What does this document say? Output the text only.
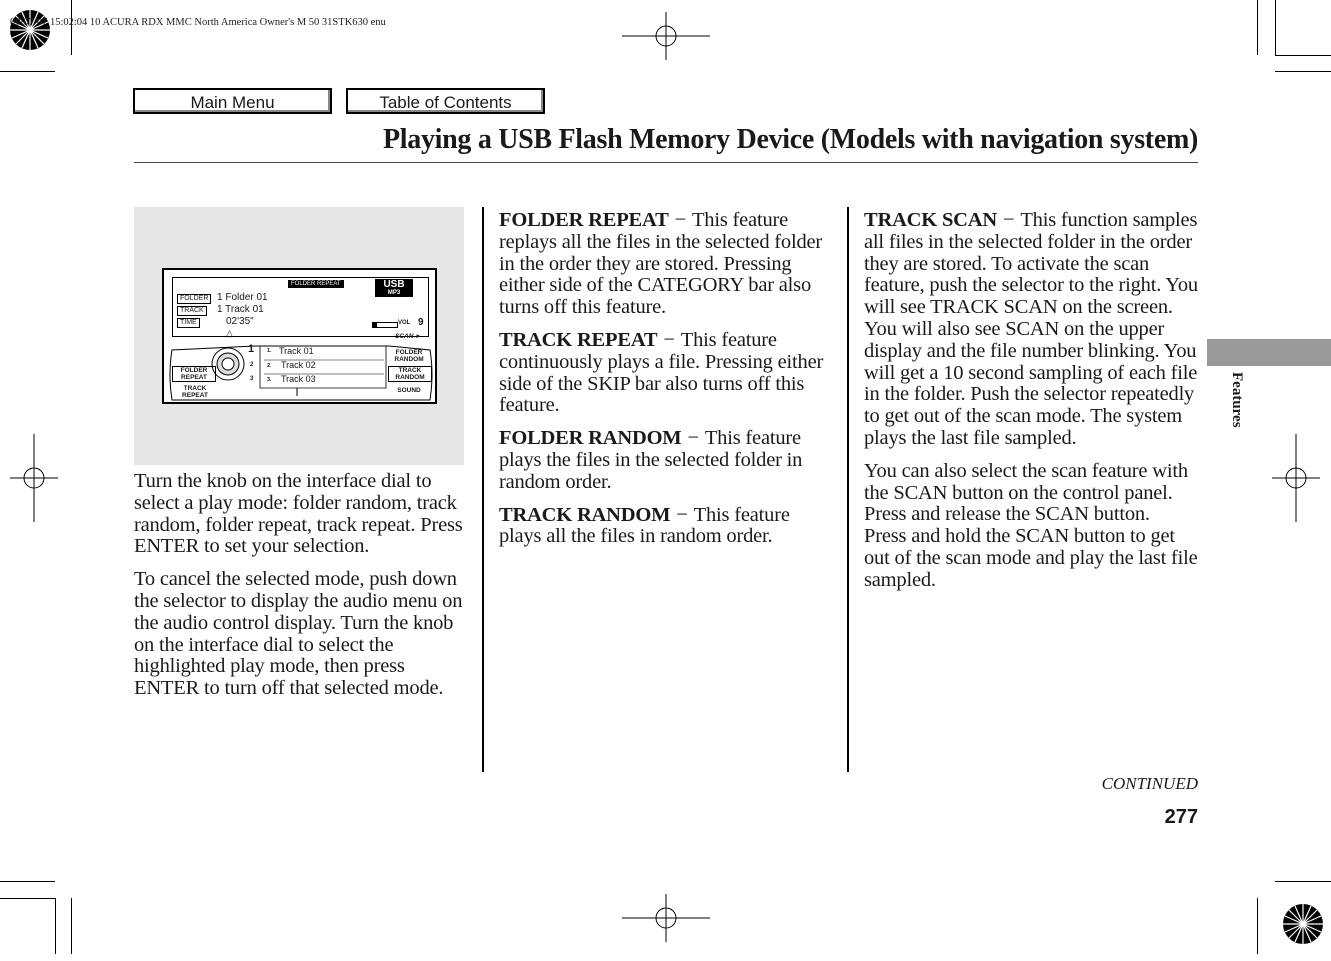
09/07/07 15:02:04 10 ACURA RDX MMC North America Owner's M 50 31STK630 enu
Main Menu	Table of Contents
Playing a USB Flash Memory Device (Models with navigation system)
FOLDER
TRACK
TIME
1 Folder 01
1 Track 01
02'35"
FOLDER REPEAT	USB
MP3
VOL 9
△	SCAN ►
1
2
3
1. Track 01
2. Track 02
3. Track 03
FOLDER REPEAT
TRACK REPEAT
FOLDER RANDOM
TRACK RANDOM
SOUND

Turn the knob on the interface dial to select a play mode: folder random, track random, folder repeat, track repeat. Press ENTER to set your selection.

To cancel the selected mode, push down the selector to display the audio menu on the audio control display. Turn the knob on the interface dial to select the highlighted play mode, then press ENTER to turn off that selected mode.

FOLDER REPEAT − This feature replays all the files in the selected folder in the order they are stored. Pressing either side of the CATEGORY bar also turns off this feature.

TRACK REPEAT − This feature continuously plays a file. Pressing either side of the SKIP bar also turns off this feature.

FOLDER RANDOM − This feature plays the files in the selected folder in random order.

TRACK RANDOM − This feature plays all the files in random order.

TRACK SCAN − This function samples all files in the selected folder in the order they are stored. To activate the scan feature, push the selector to the right. You will see TRACK SCAN on the screen. You will also see SCAN on the upper display and the file number blinking. You will get a 10 second sampling of each file in the folder. Push the selector repeatedly to get out of the scan mode. The system plays the last file sampled.

You can also select the scan feature with the SCAN button on the control panel.

Press and release the SCAN button.

Press and hold the SCAN button to get out of the scan mode and play the last file sampled.

Features
CONTINUED
277
